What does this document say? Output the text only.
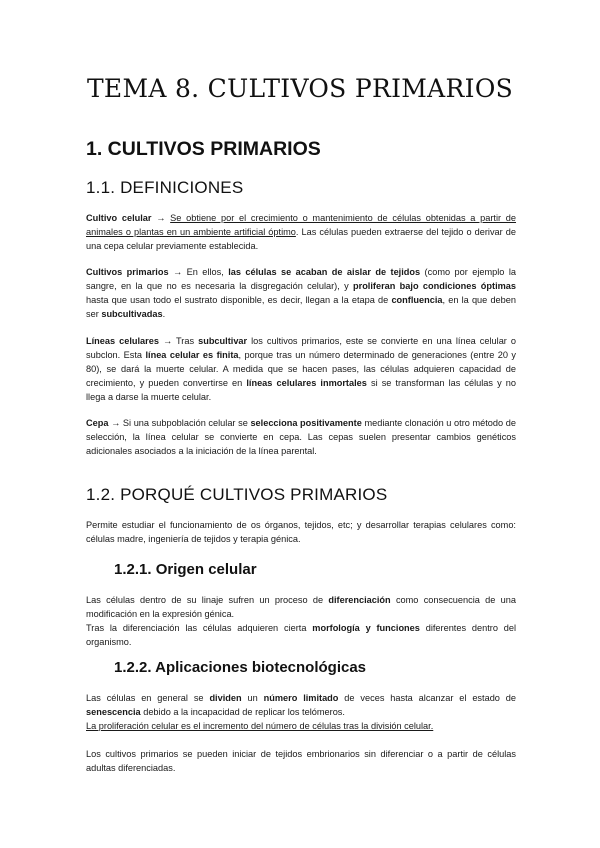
TEMA 8. CULTIVOS PRIMARIOS
1. CULTIVOS PRIMARIOS
1.1. DEFINICIONES

Cultivo celular → Se obtiene por el crecimiento o mantenimiento de células obtenidas a partir de animales o plantas en un ambiente artificial óptimo. Las células pueden extraerse del tejido o derivar de una cepa celular previamente establecida.

Cultivos primarios → En ellos, las células se acaban de aislar de tejidos (como por ejemplo la sangre, en la que no es necesaria la disgregación celular), y proliferan bajo condiciones óptimas hasta que usan todo el sustrato disponible, es decir, llegan a la etapa de confluencia, en la que deben ser subcultivadas.

Líneas celulares → Tras subcultivar los cultivos primarios, este se convierte en una línea celular o subclon. Esta línea celular es finita, porque tras un número determinado de generaciones (entre 20 y 80), se dará la muerte celular. A medida que se hacen pases, las células adquieren capacidad de crecimiento, y pueden convertirse en líneas celulares inmortales si se transforman las células y no llega a darse la muerte celular.

Cepa → Si una subpoblación celular se selecciona positivamente mediante clonación u otro método de selección, la línea celular se convierte en cepa. Las cepas suelen presentar cambios genéticos adicionales asociados a la iniciación de la línea parental.

1.2. PORQUÉ CULTIVOS PRIMARIOS

Permite estudiar el funcionamiento de os órganos, tejidos, etc; y desarrollar terapias celulares como: células madre, ingeniería de tejidos y terapia génica.

1.2.1. Origen celular

Las células dentro de su linaje sufren un proceso de diferenciación como consecuencia de una modificación en la expresión génica.
Tras la diferenciación las células adquieren cierta morfología y funciones diferentes dentro del organismo.

1.2.2. Aplicaciones biotecnológicas

Las células en general se dividen un número limitado de veces hasta alcanzar el estado de senescencia debido a la incapacidad de replicar los telómeros.
La proliferación celular es el incremento del número de células tras la división celular.

Los cultivos primarios se pueden iniciar de tejidos embrionarios sin diferenciar o a partir de células adultas diferenciadas.
